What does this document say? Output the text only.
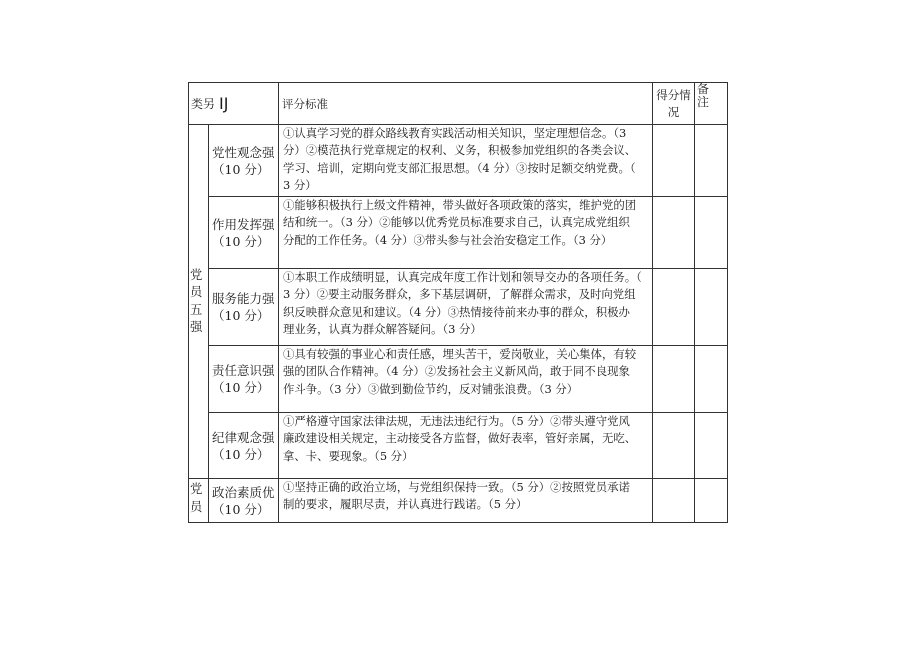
类另 IJ	评分标准
得分情况
备注
党员五强
党性观念强
（10 分）
①认真学习党的群众路线教育实践活动相关知识，坚定理想信念。（3
分）②模范执行党章规定的权利、义务，积极参加党组织的各类会议、
学习、培训，定期向党支部汇报思想。（4 分）③按时足额交纳党费。（
3 分）
作用发挥强
（10 分）
①能够积极执行上级文件精神，带头做好各项政策的落实，维护党的团
结和统一。（3 分）②能够以优秀党员标准要求自己，认真完成党组织
分配的工作任务。（4 分）③带头参与社会治安稳定工作。（3 分）
服务能力强
（10 分）
①本职工作成绩明显，认真完成年度工作计划和领导交办的各项任务。（
3 分）②要主动服务群众，多下基层调研，了解群众需求，及时向党组
织反映群众意见和建议。（4 分）③热情接待前来办事的群众，积极办
理业务，认真为群众解答疑问。（3 分）
责任意识强
（10 分）
①具有较强的事业心和责任感，埋头苦干，爱岗敬业，关心集体，有较
强的团队合作精神。（4 分）②发扬社会主义新风尚，敢于同不良现象
作斗争。（3 分）③做到勤俭节约，反对铺张浪费。（3 分）
纪律观念强
（10 分）
①严格遵守国家法律法规，无违法违纪行为。（5 分）②带头遵守党风
廉政建设相关规定，主动接受各方监督，做好表率，管好亲属，无吃、
拿、卡、要现象。（5 分）
党员
政治素质优
（10 分）
①坚持正确的政治立场，与党组织保持一致。（5 分）②按照党员承诺
制的要求，履职尽责，并认真进行践诺。（5 分）
